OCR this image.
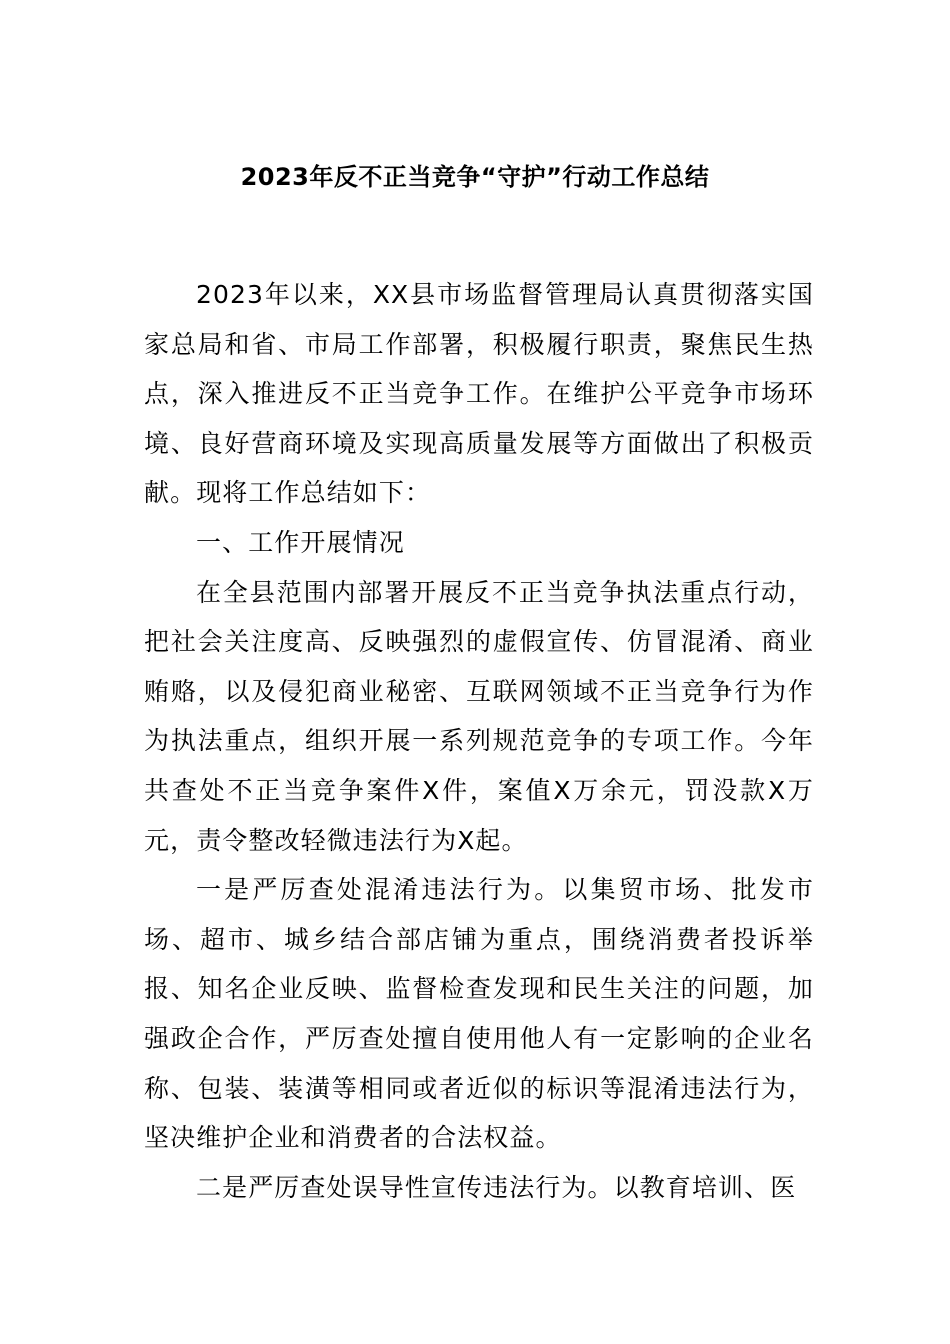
2023年反不正当竞争“守护”行动工作总结

2023年以来，XX县市场监督管理局认真贯彻落实国家总局和省、市局工作部署，积极履行职责，聚焦民生热点，深入推进反不正当竞争工作。在维护公平竞争市场环境、良好营商环境及实现高质量发展等方面做出了积极贡献。现将工作总结如下：

一、工作开展情况

在全县范围内部署开展反不正当竞争执法重点行动，把社会关注度高、反映强烈的虚假宣传、仿冒混淆、商业贿赂，以及侵犯商业秘密、互联网领域不正当竞争行为作为执法重点，组织开展一系列规范竞争的专项工作。今年共查处不正当竞争案件X件，案值X万余元，罚没款X万元，责令整改轻微违法行为X起。

一是严厉查处混淆违法行为。以集贸市场、批发市场、超市、城乡结合部店铺为重点，围绕消费者投诉举报、知名企业反映、监督检查发现和民生关注的问题，加强政企合作，严厉查处擅自使用他人有一定影响的企业名称、包装、装潢等相同或者近似的标识等混淆违法行为，坚决维护企业和消费者的合法权益。

二是严厉查处误导性宣传违法行为。以教育培训、医
